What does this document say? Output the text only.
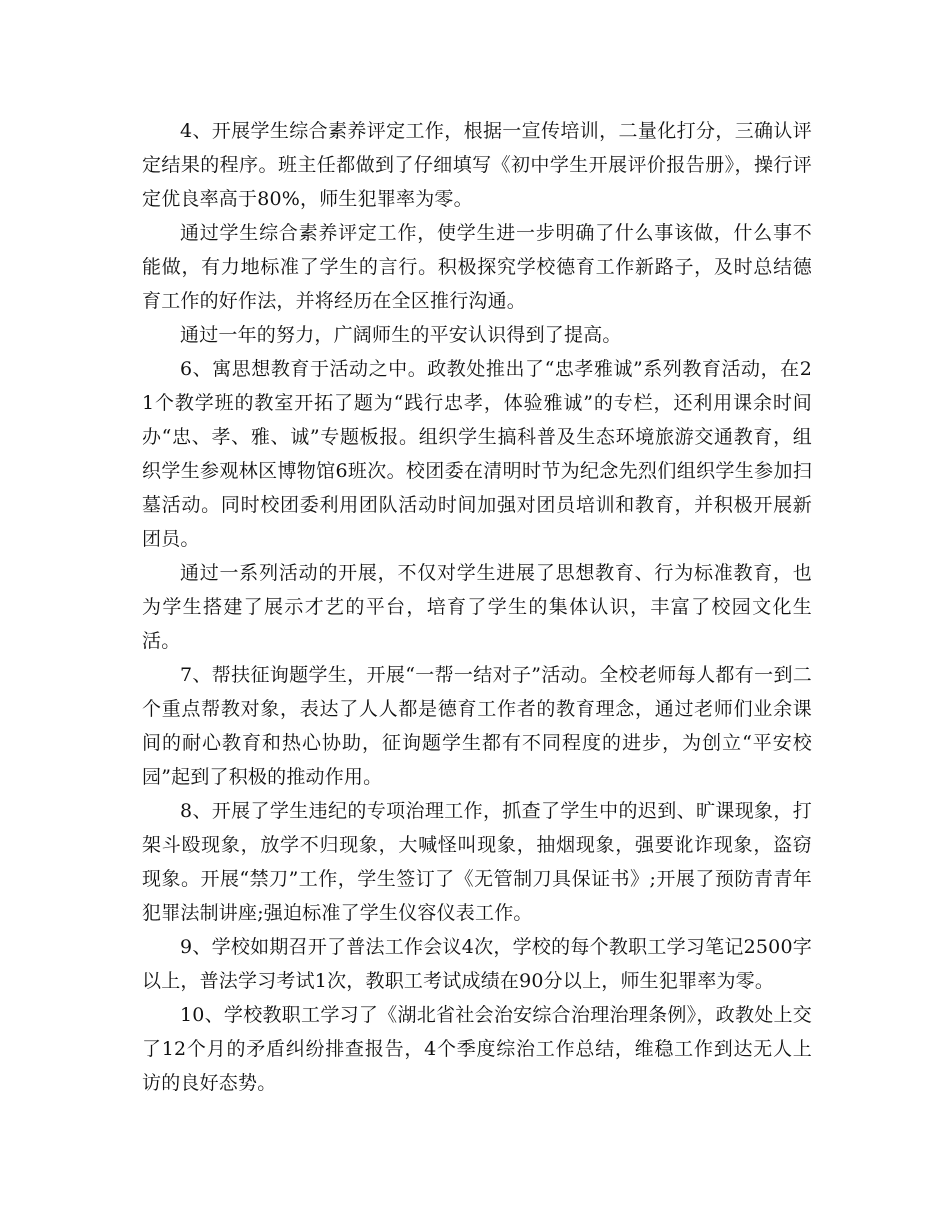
4、开展学生综合素养评定工作，根据一宣传培训，二量化打分，三确认评定结果的程序。班主任都做到了仔细填写《初中学生开展评价报告册》，操行评定优良率高于80%，师生犯罪率为零。

通过学生综合素养评定工作，使学生进一步明确了什么事该做，什么事不能做，有力地标准了学生的言行。积极探究学校德育工作新路子，及时总结德育工作的好作法，并将经历在全区推行沟通。

通过一年的努力，广阔师生的平安认识得到了提高。

6、寓思想教育于活动之中。政教处推出了“忠孝雅诚”系列教育活动，在21个教学班的教室开拓了题为“践行忠孝，体验雅诚”的专栏，还利用课余时间办“忠、孝、雅、诚”专题板报。组织学生搞科普及生态环境旅游交通教育，组织学生参观林区博物馆6班次。校团委在清明时节为纪念先烈们组织学生参加扫墓活动。同时校团委利用团队活动时间加强对团员培训和教育，并积极开展新团员。

通过一系列活动的开展，不仅对学生进展了思想教育、行为标准教育，也为学生搭建了展示才艺的平台，培育了学生的集体认识，丰富了校园文化生活。

7、帮扶征询题学生，开展“一帮一结对子”活动。全校老师每人都有一到二个重点帮教对象，表达了人人都是德育工作者的教育理念，通过老师们业余课间的耐心教育和热心协助，征询题学生都有不同程度的进步，为创立“平安校园”起到了积极的推动作用。

8、开展了学生违纪的专项治理工作，抓查了学生中的迟到、旷课现象，打架斗殴现象，放学不归现象，大喊怪叫现象，抽烟现象，强要讹诈现象，盗窃现象。开展“禁刀”工作，学生签订了《无管制刀具保证书》;开展了预防青青年犯罪法制讲座;强迫标准了学生仪容仪表工作。

9、学校如期召开了普法工作会议4次，学校的每个教职工学习笔记2500字以上，普法学习考试1次，教职工考试成绩在90分以上，师生犯罪率为零。

10、学校教职工学习了《湖北省社会治安综合治理治理条例》，政教处上交了12个月的矛盾纠纷排查报告，4个季度综治工作总结，维稳工作到达无人上访的良好态势。
